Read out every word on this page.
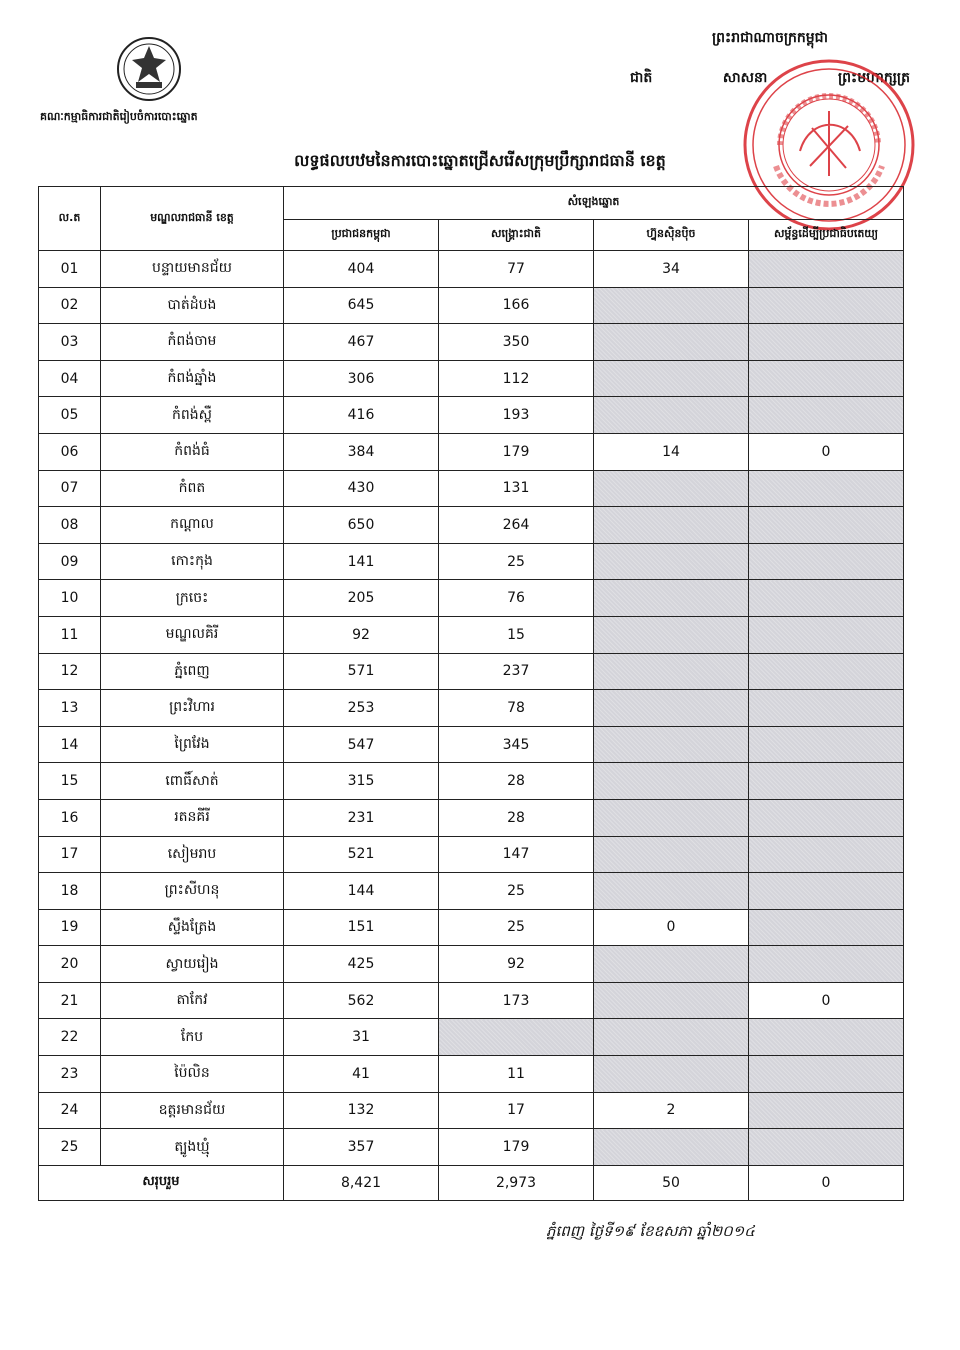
គណៈកម្មាធិការជាតិរៀបចំការបោះឆ្នោត
ព្រះរាជាណាចក្រកម្ពុជា
ជាតិ	សាសនា	ព្រះមហាក្សត្រ
លទ្ធផលបឋមនៃការបោះឆ្នោតជ្រើសរើសក្រុមប្រឹក្សារាជធានី ខេត្ត
ល.ត	មណ្ឌលរាជធានី ខេត្ត	សំឡេងឆ្នោត			
		ប្រជាជនកម្ពុជា	សង្គ្រោះជាតិ	ហ្វ៊ុនស៊ិនប៉ិច	សម្ព័ន្ធដើម្បីប្រជាធិបតេយ្យ
01	បន្ទាយមានជ័យ	404	77	34	
02	បាត់ដំបង	645	166		
03	កំពង់ចាម	467	350		
04	កំពង់ឆ្នាំង	306	112		
05	កំពង់ស្ពឺ	416	193		
06	កំពង់ធំ	384	179	14	0
07	កំពត	430	131		
08	កណ្ដាល	650	264		
09	កោះកុង	141	25		
10	ក្រចេះ	205	76		
11	មណ្ឌលគិរី	92	15		
12	ភ្នំពេញ	571	237		
13	ព្រះវិហារ	253	78		
14	ព្រៃវែង	547	345		
15	ពោធិ៍សាត់	315	28		
16	រតនគីរី	231	28		
17	សៀមរាប	521	147		
18	ព្រះសីហនុ	144	25		
19	ស្ទឹងត្រែង	151	25	0	
20	ស្វាយរៀង	425	92		
21	តាកែវ	562	173		0
22	កែប	31			
23	ប៉ៃលិន	41	11		
24	ឧត្ដរមានជ័យ	132	17	2	
25	ត្បូងឃ្មុំ	357	179		
សរុបរួម		8,421	2,973	50	0
ភ្នំពេញ ថ្ងៃទី១៩ ខែឧសភា ឆ្នាំ២០១៤
